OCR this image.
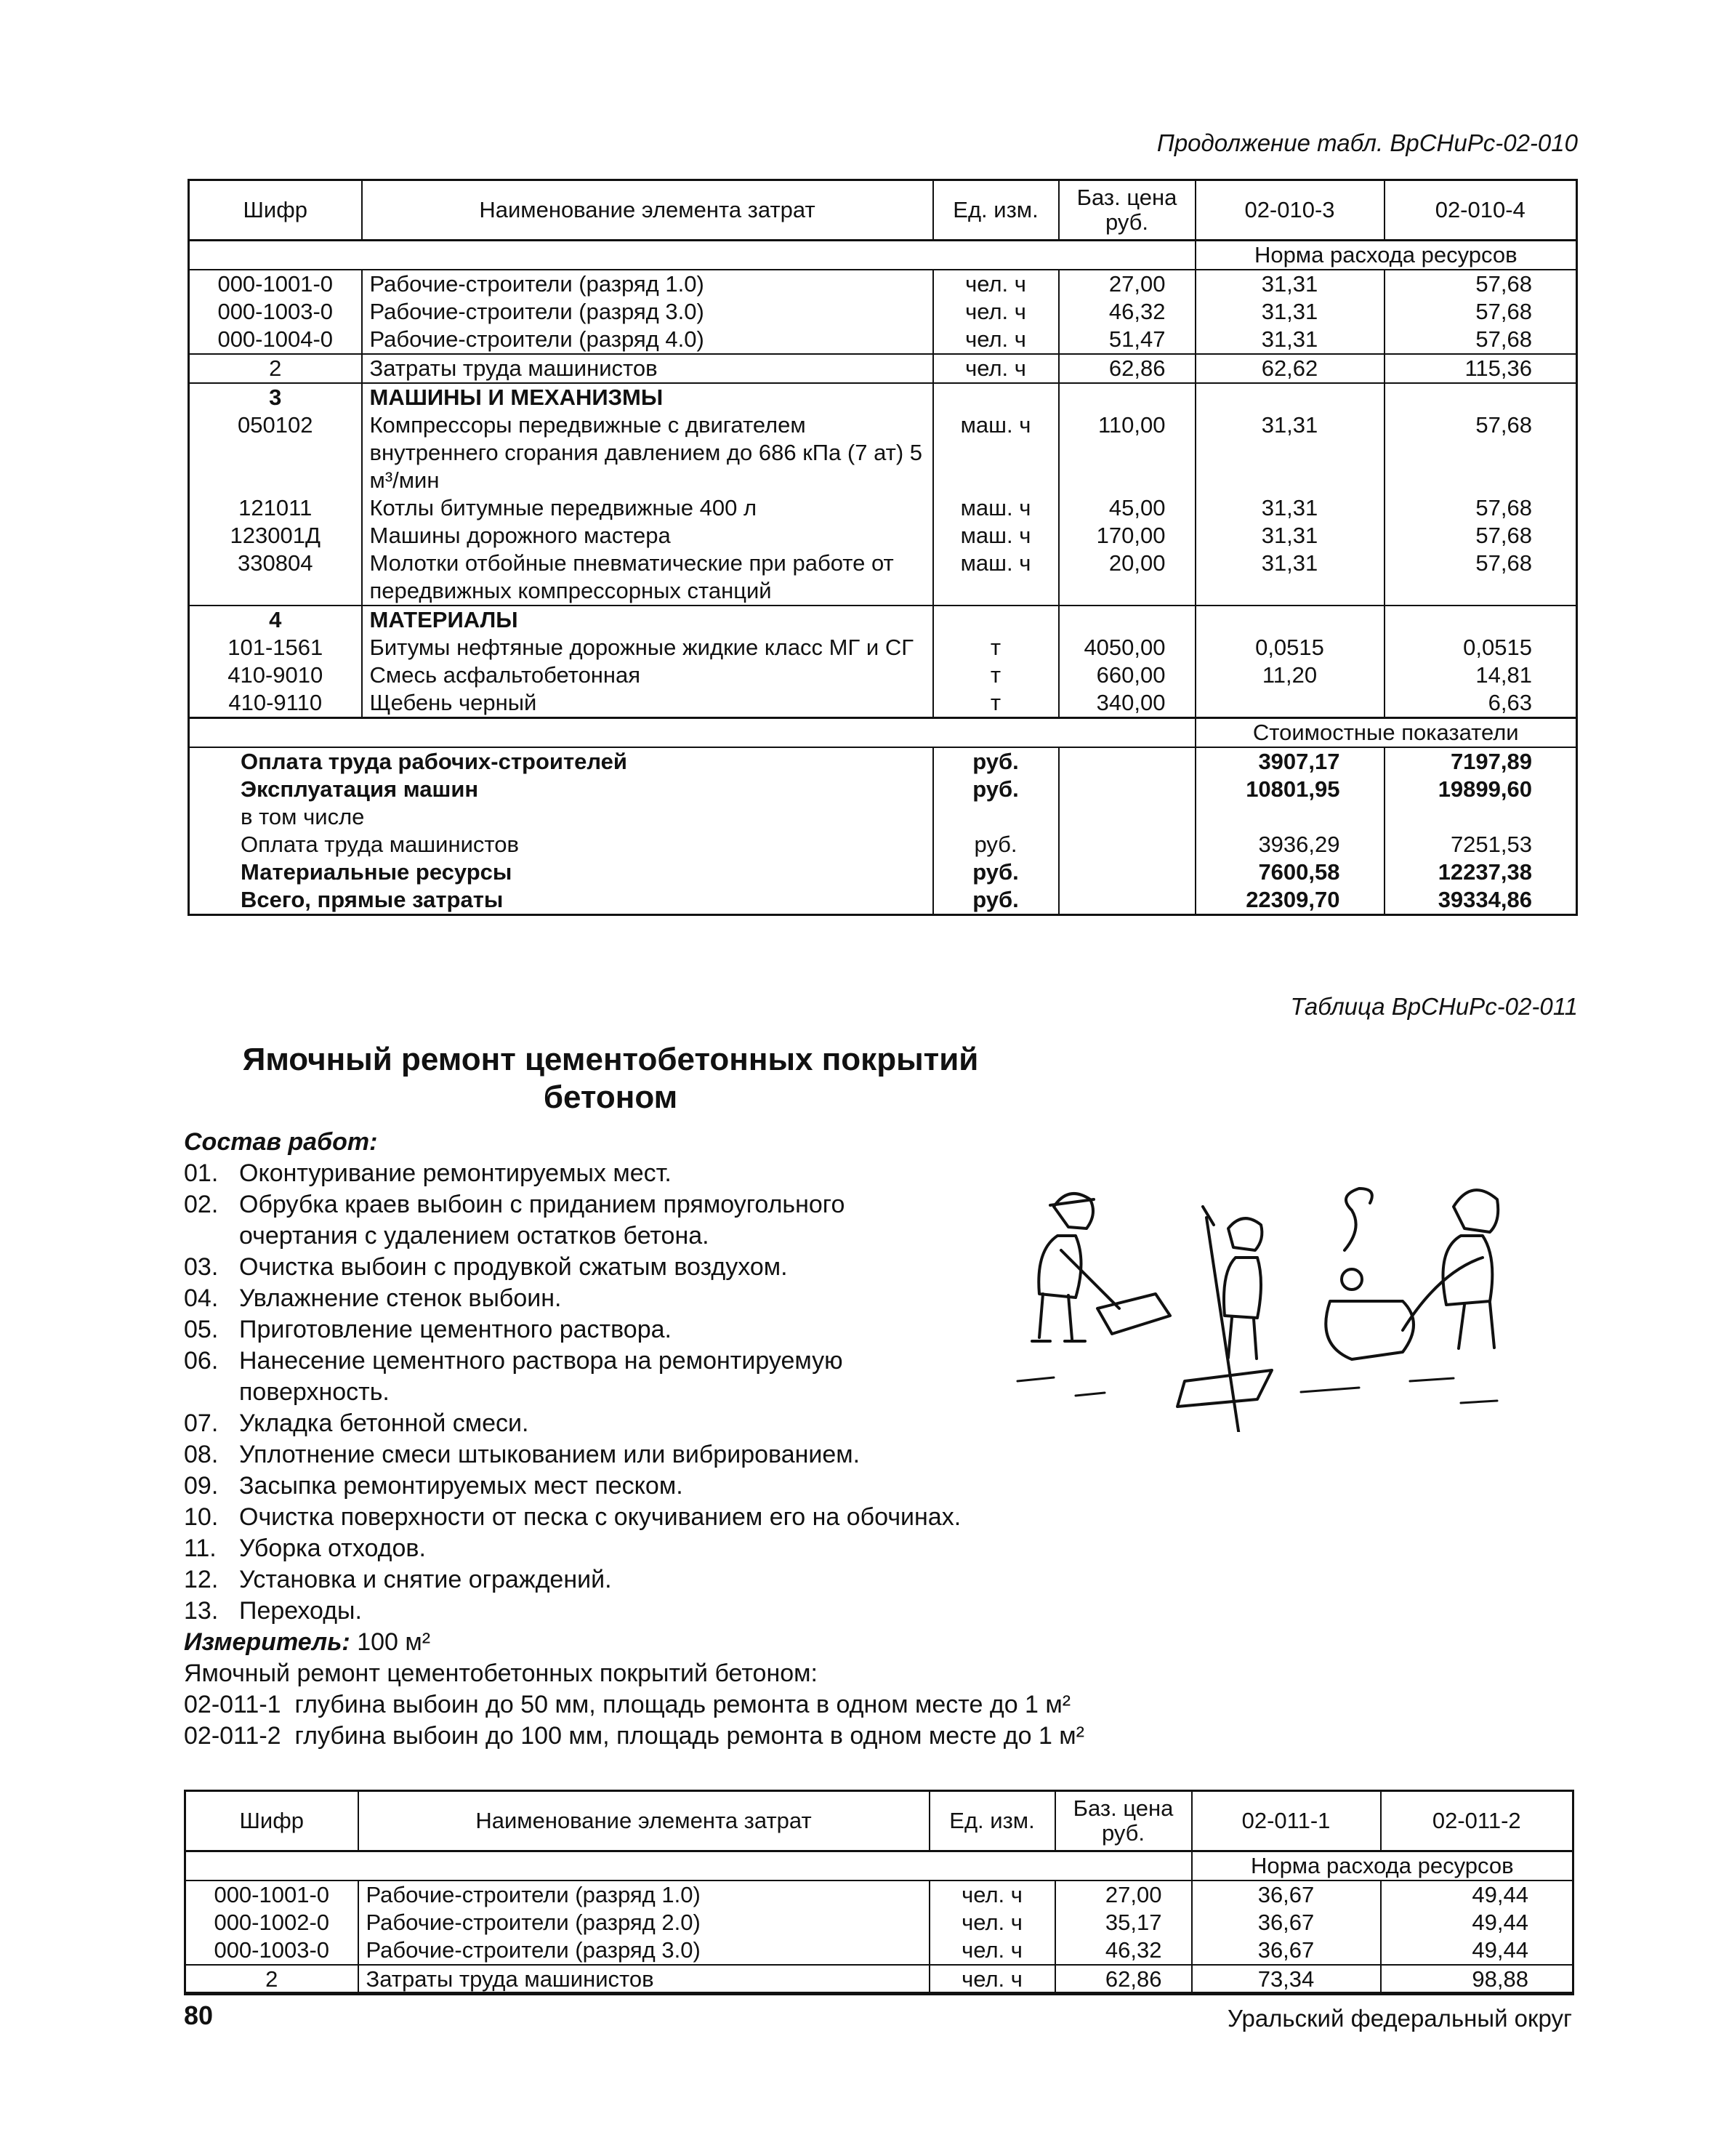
Продолжение табл. ВрСНиРс-02-010
Шифр	Наименование элемента затрат	Ед. изм.	Баз. цена руб.	02-010-3	02-010-4
				Норма расхода ресурсов	
000-1001-0	Рабочие-строители (разряд 1.0)	чел. ч	27,00	31,31	57,68
000-1003-0	Рабочие-строители (разряд 3.0)	чел. ч	46,32	31,31	57,68
000-1004-0	Рабочие-строители (разряд 4.0)	чел. ч	51,47	31,31	57,68
2	Затраты труда машинистов	чел. ч	62,86	62,62	115,36
3	МАШИНЫ И МЕХАНИЗМЫ				
050102	Компрессоры передвижные с двигателем внутреннего сгорания давлением до 686 кПа (7 ат) 5 м³/мин	маш. ч	110,00	31,31	57,68
121011	Котлы битумные передвижные 400 л	маш. ч	45,00	31,31	57,68
123001Д	Машины дорожного мастера	маш. ч	170,00	31,31	57,68
330804	Молотки отбойные пневматические при работе от передвижных компрессорных станций	маш. ч	20,00	31,31	57,68
4	МАТЕРИАЛЫ				
101-1561	Битумы нефтяные дорожные жидкие класс МГ и СГ	т	4050,00	0,0515	0,0515
410-9010	Смесь асфальтобетонная	т	660,00	11,20	14,81
410-9110	Щебень черный	т	340,00		6,63
				Стоимостные показатели	
Оплата труда рабочих-строителей		руб.		3907,17	7197,89
Эксплуатация машин		руб.		10801,95	19899,60
в том числе					
Оплата труда машинистов		руб.		3936,29	7251,53
Материальные ресурсы		руб.		7600,58	12237,38
Всего, прямые затраты		руб.		22309,70	39334,86
Таблица ВрСНиРс-02-011
Ямочный ремонт цементобетонных покрытий
бетоном
Состав работ:
01. Оконтуривание ремонтируемых мест.
02. Обрубка краев выбоин с приданием прямоугольного
очертания с удалением остатков бетона.
03. Очистка выбоин с продувкой сжатым воздухом.
04. Увлажнение стенок выбоин.
05. Приготовление цементного раствора.
06. Нанесение цементного раствора на ремонтируемую
поверхность.
07. Укладка бетонной смеси.
08. Уплотнение смеси штыкованием или вибрированием.
09. Засыпка ремонтируемых мест песком.
10. Очистка поверхности от песка с окучиванием его на обочинах.
11. Уборка отходов.
12. Установка и снятие ограждений.
13. Переходы.
Измеритель: 100 м²
Ямочный ремонт цементобетонных покрытий бетоном:
02-011-1 глубина выбоин до 50 мм, площадь ремонта в одном месте до 1 м²
02-011-2 глубина выбоин до 100 мм, площадь ремонта в одном месте до 1 м²
Шифр	Наименование элемента затрат	Ед. изм.	Баз. цена руб.	02-011-1	02-011-2
				Норма расхода ресурсов	
000-1001-0	Рабочие-строители (разряд 1.0)	чел. ч	27,00	36,67	49,44
000-1002-0	Рабочие-строители (разряд 2.0)	чел. ч	35,17	36,67	49,44
000-1003-0	Рабочие-строители (разряд 3.0)	чел. ч	46,32	36,67	49,44
2	Затраты труда машинистов	чел. ч	62,86	73,34	98,88
80	Уральский федеральный округ
